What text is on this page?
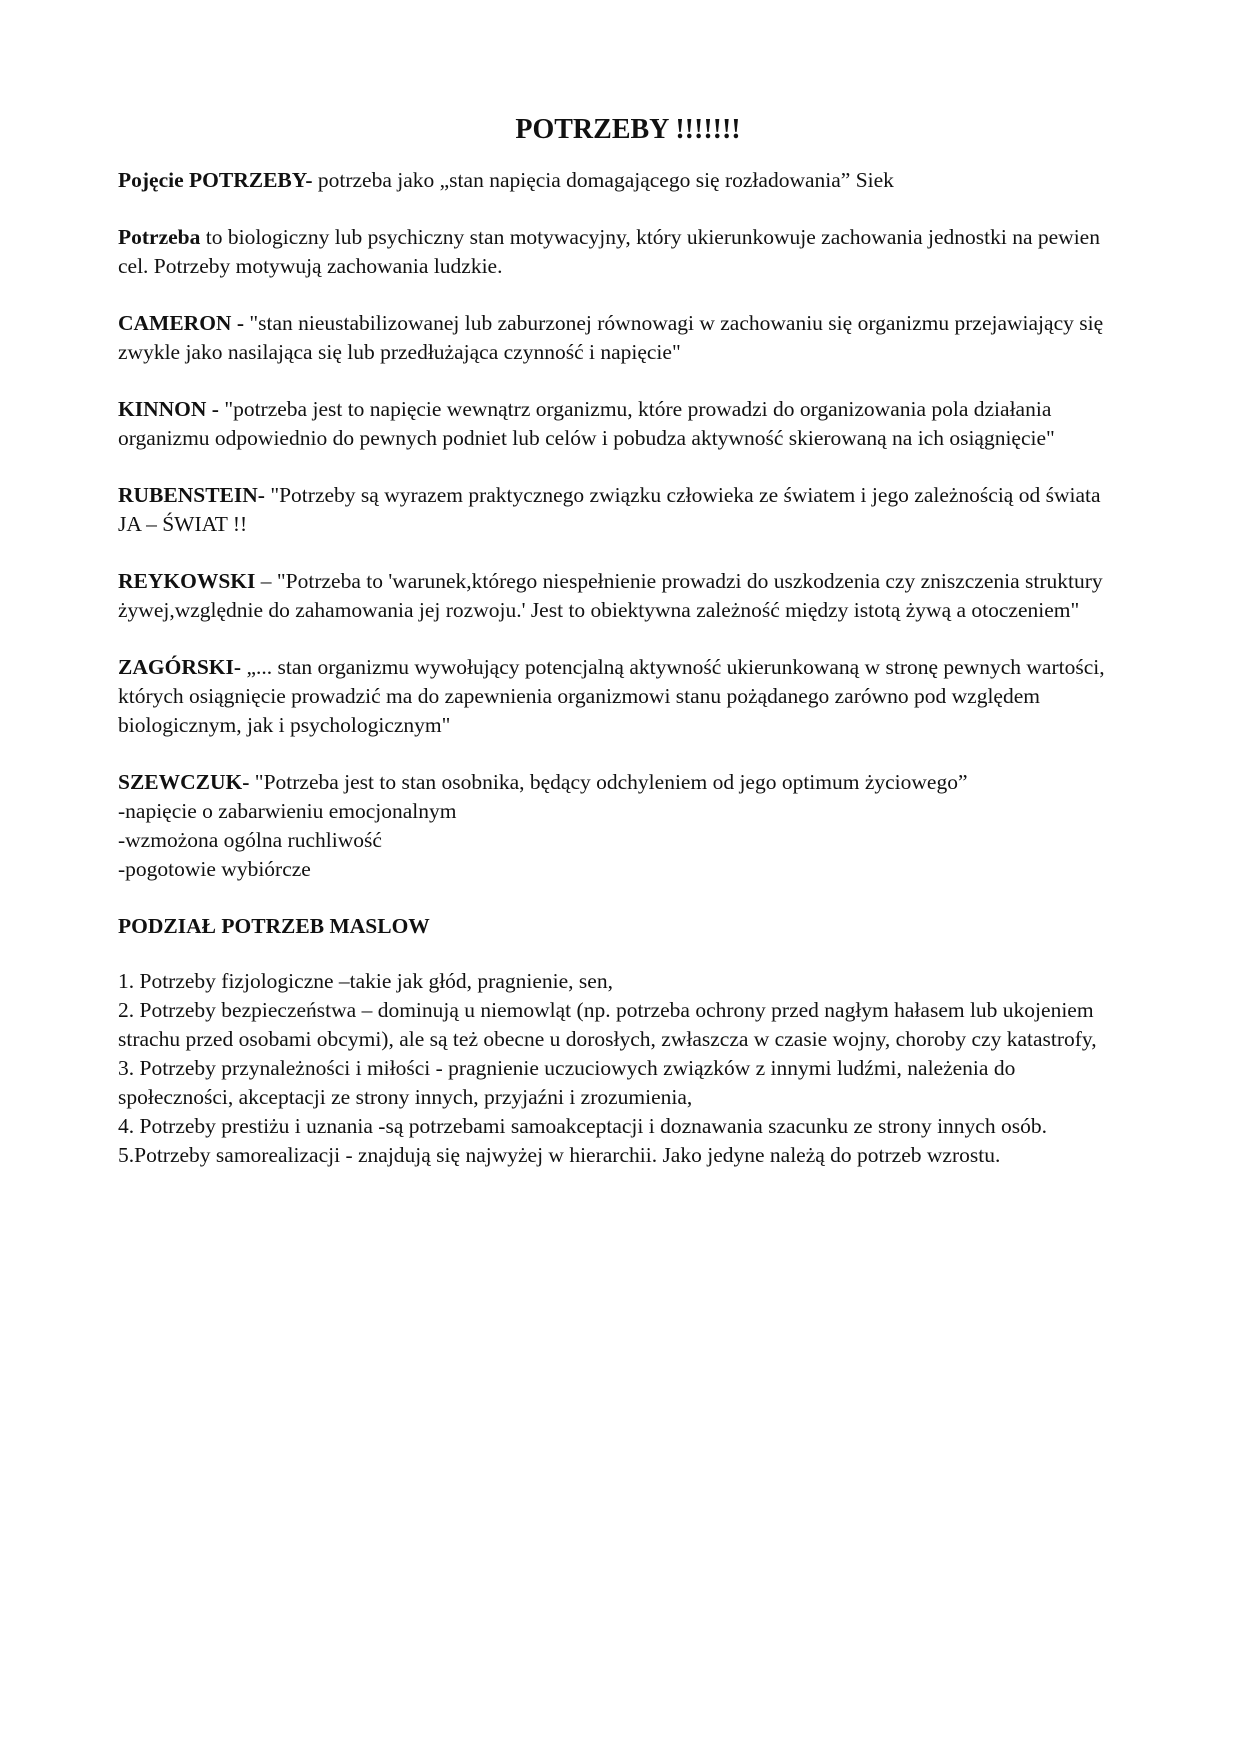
POTRZEBY !!!!!!!

Pojęcie POTRZEBY- potrzeba jako „stan napięcia domagającego się rozładowania” Siek

Potrzeba to biologiczny lub psychiczny stan motywacyjny, który ukierunkowuje zachowania jednostki na pewien cel. Potrzeby motywują zachowania ludzkie.

CAMERON - "stan nieustabilizowanej lub zaburzonej równowagi w zachowaniu się organizmu przejawiający się zwykle jako nasilająca się lub przedłużająca czynność i napięcie"

KINNON - "potrzeba jest to napięcie wewnątrz organizmu, które prowadzi do organizowania pola działania organizmu odpowiednio do pewnych podniet lub celów i pobudza aktywność skierowaną na ich osiągnięcie"

RUBENSTEIN- "Potrzeby są wyrazem praktycznego związku człowieka ze światem i jego zależnością od świata JA – ŚWIAT !!

REYKOWSKI – "Potrzeba to 'warunek,którego niespełnienie prowadzi do uszkodzenia czy zniszczenia struktury żywej,względnie do zahamowania jej rozwoju.' Jest to obiektywna zależność między istotą żywą a otoczeniem"

ZAGÓRSKI- „... stan organizmu wywołujący potencjalną aktywność ukierunkowaną w stronę pewnych wartości, których osiągnięcie prowadzić ma do zapewnienia organizmowi stanu pożądanego zarówno pod względem biologicznym, jak i psychologicznym"

SZEWCZUK- "Potrzeba jest to stan osobnika, będący odchyleniem od jego optimum życiowego”
-napięcie o zabarwieniu emocjonalnym
-wzmożona ogólna ruchliwość
-pogotowie wybiórcze

PODZIAŁ POTRZEB MASLOW
1. Potrzeby fizjologiczne –takie jak głód, pragnienie, sen,
2. Potrzeby bezpieczeństwa – dominują u niemowląt (np. potrzeba ochrony przed nagłym hałasem lub ukojeniem strachu przed osobami obcymi), ale są też obecne u dorosłych, zwłaszcza w czasie wojny, choroby czy katastrofy,
3. Potrzeby przynależności i miłości - pragnienie uczuciowych związków z innymi ludźmi, należenia do społeczności, akceptacji ze strony innych, przyjaźni i zrozumienia,
4. Potrzeby prestiżu i uznania -są potrzebami samoakceptacji i doznawania szacunku ze strony innych osób.
5.Potrzeby samorealizacji - znajdują się najwyżej w hierarchii. Jako jedyne należą do potrzeb wzrostu.
